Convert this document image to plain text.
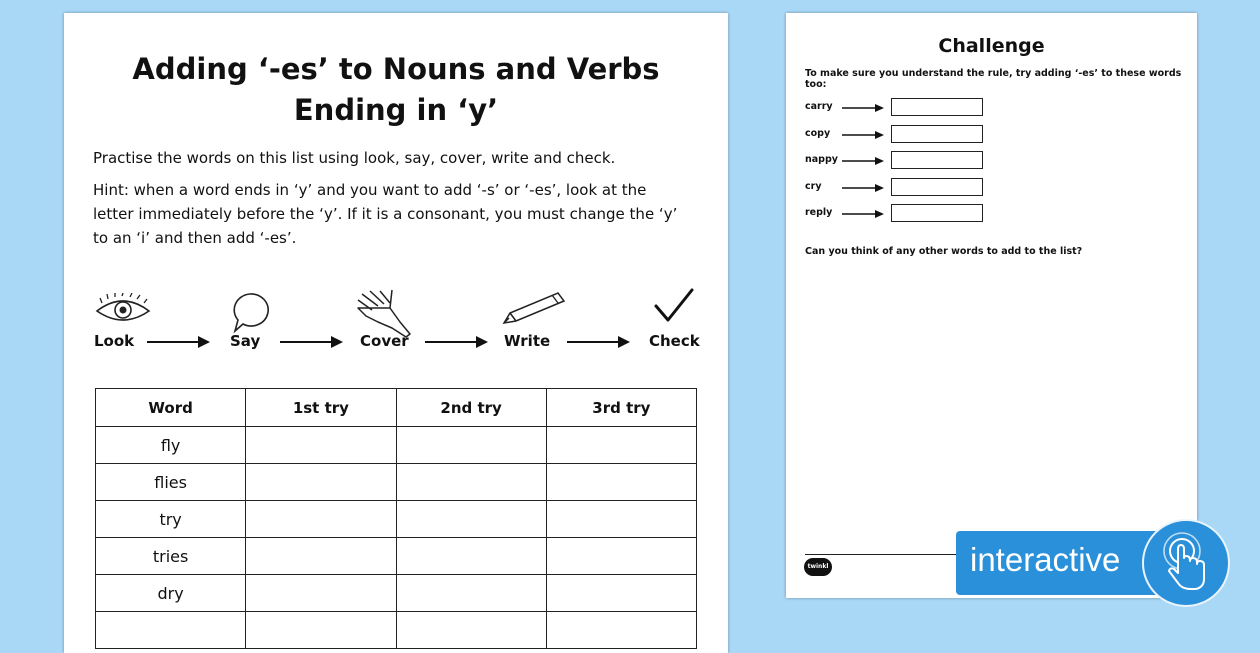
Adding ‘-es’ to Nouns and Verbs
Ending in ‘y’
Practise the words on this list using look, say, cover, write and check.
Hint: when a word ends in ‘y’ and you want to add ‘-s’ or ‘-es’, look at the
letter immediately before the ‘y’. If it is a consonant, you must change the ‘y’
to an ‘i’ and then add ‘-es’.
Look	Say	Cover	Write	Check
Word	1st try	2nd try	3rd try
fly			
flies			
try			
tries			
dry			

Challenge
To make sure you understand the rule, try adding ‘-es’ to these words too:
carry
copy
nappy
cry
reply
Can you think of any other words to add to the list?
twinkl go!
interactive
